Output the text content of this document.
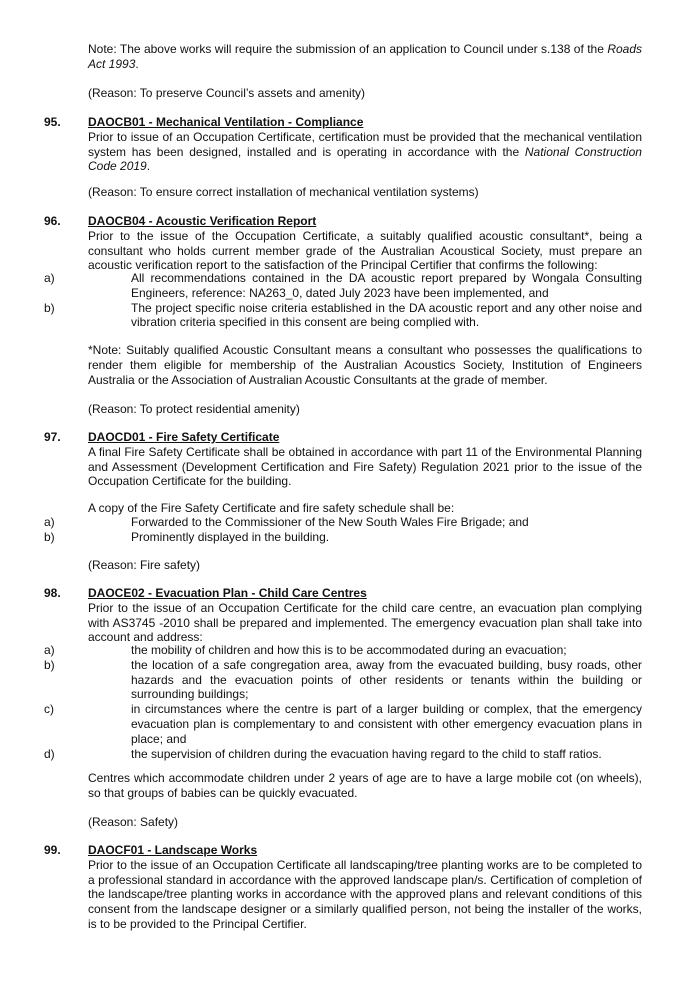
Note: The above works will require the submission of an application to Council under s.138 of the Roads Act 1993.

(Reason: To preserve Council’s assets and amenity)

95. DAOCB01 - Mechanical Ventilation - Compliance

Prior to issue of an Occupation Certificate, certification must be provided that the mechanical ventilation system has been designed, installed and is operating in accordance with the National Construction Code 2019.

(Reason: To ensure correct installation of mechanical ventilation systems)

96. DAOCB04 - Acoustic Verification Report

Prior to the issue of the Occupation Certificate, a suitably qualified acoustic consultant*, being a consultant who holds current member grade of the Australian Acoustical Society, must prepare an acoustic verification report to the satisfaction of the Principal Certifier that confirms the following:

a)	All recommendations contained in the DA acoustic report prepared by Wongala Consulting Engineers, reference: NA263_0, dated July 2023 have been implemented, and

b)	The project specific noise criteria established in the DA acoustic report and any other noise and vibration criteria specified in this consent are being complied with.

*Note: Suitably qualified Acoustic Consultant means a consultant who possesses the qualifications to render them eligible for membership of the Australian Acoustics Society, Institution of Engineers Australia or the Association of Australian Acoustic Consultants at the grade of member.

(Reason: To protect residential amenity)

97. DAOCD01 - Fire Safety Certificate

A final Fire Safety Certificate shall be obtained in accordance with part 11 of the Environmental Planning and Assessment (Development Certification and Fire Safety) Regulation 2021 prior to the issue of the Occupation Certificate for the building.

A copy of the Fire Safety Certificate and fire safety schedule shall be:

a)	Forwarded to the Commissioner of the New South Wales Fire Brigade; and

b)	Prominently displayed in the building.

(Reason: Fire safety)

98. DAOCE02 - Evacuation Plan - Child Care Centres

Prior to the issue of an Occupation Certificate for the child care centre, an evacuation plan complying with AS3745 -2010 shall be prepared and implemented. The emergency evacuation plan shall take into account and address:

a)	the mobility of children and how this is to be accommodated during an evacuation;

b)	the location of a safe congregation area, away from the evacuated building, busy roads, other hazards and the evacuation points of other residents or tenants within the building or surrounding buildings;

c)	in circumstances where the centre is part of a larger building or complex, that the emergency evacuation plan is complementary to and consistent with other emergency evacuation plans in place; and

d)	the supervision of children during the evacuation having regard to the child to staff ratios.

Centres which accommodate children under 2 years of age are to have a large mobile cot (on wheels), so that groups of babies can be quickly evacuated.

(Reason: Safety)

99. DAOCF01 - Landscape Works

Prior to the issue of an Occupation Certificate all landscaping/tree planting works are to be completed to a professional standard in accordance with the approved landscape plan/s. Certification of completion of the landscape/tree planting works in accordance with the approved plans and relevant conditions of this consent from the landscape designer or a similarly qualified person, not being the installer of the works, is to be provided to the Principal Certifier.
